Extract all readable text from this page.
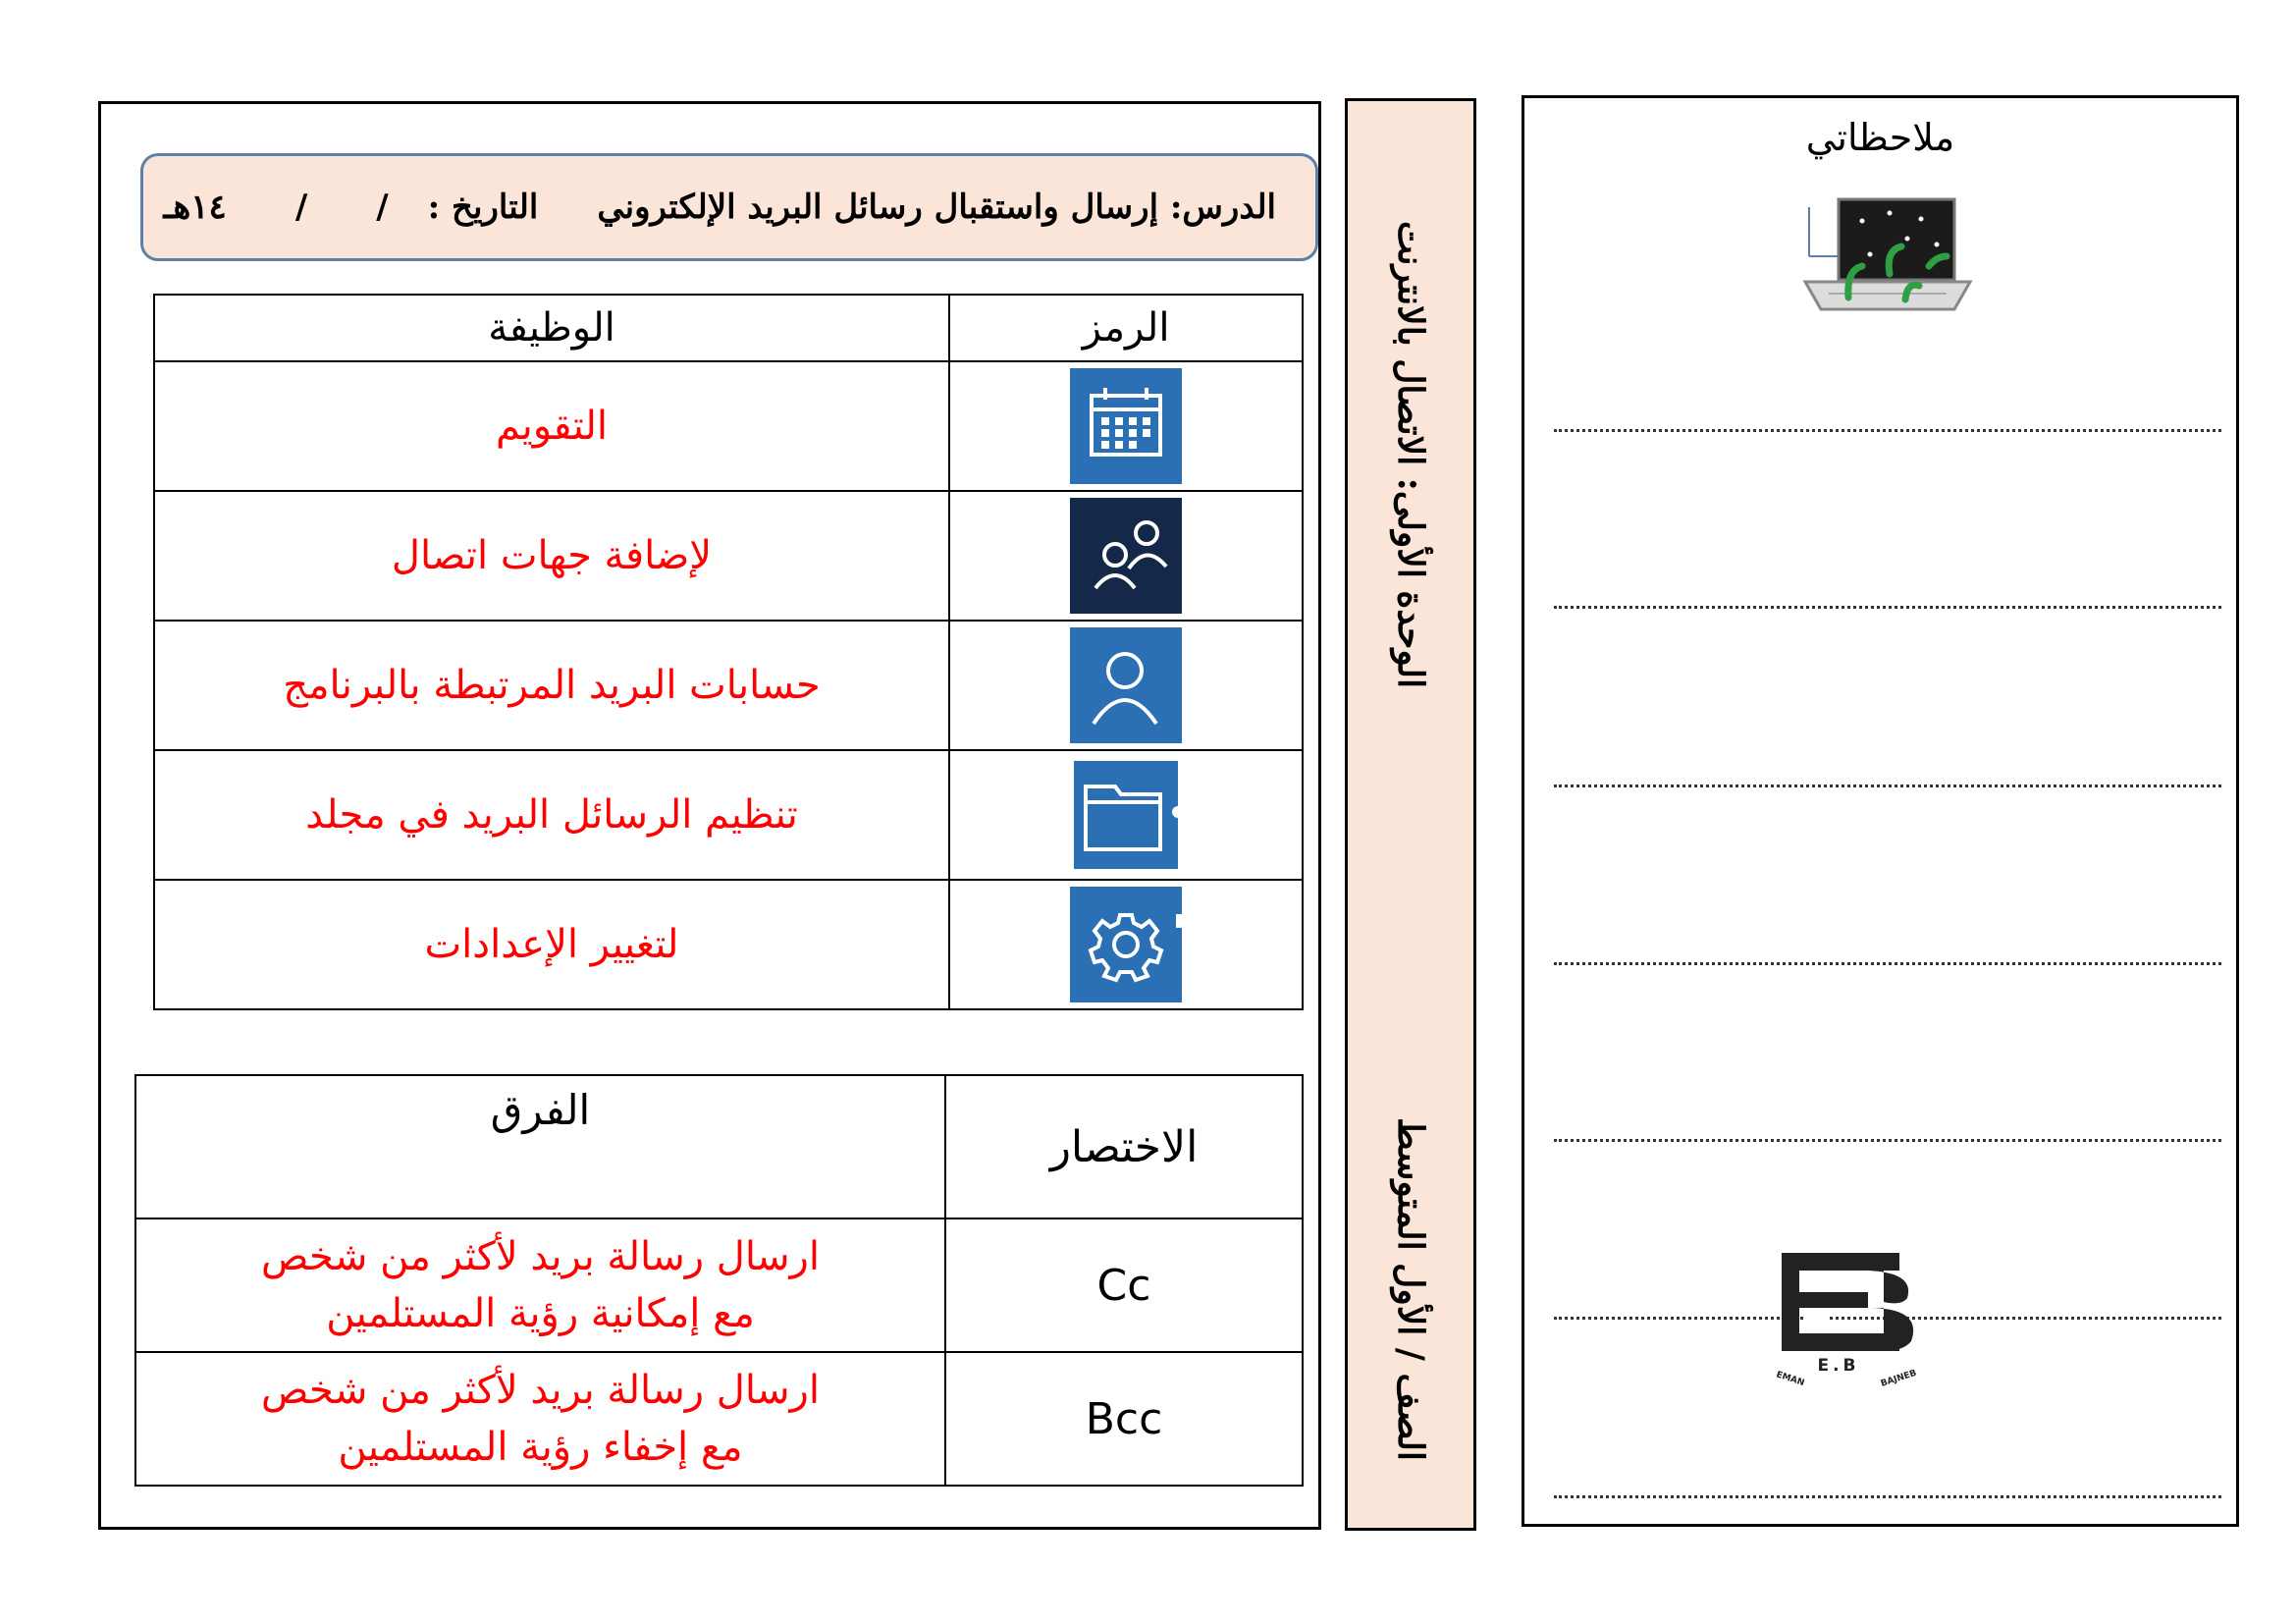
الدرس: إرسال واستقبال رسائل البريد الإلكتروني
التاريخ :
/
/
١٤هـ
الرمز	الوظيفة

	التقويم

	لإضافة جهات اتصال

	حسابات البريد المرتبطة بالبرنامج

	تنظيم الرسائل البريد في مجلد

	لتغيير الإعدادات
الاختصار	الفرق
Cc	ارسال رسالة بريد لأكثر من شخص
مع إمكانية رؤية المستلمين

Bcc	ارسال رسالة بريد لأكثر من شخص
مع إخفاء رؤية المستلمين
الوحدة الأولى: الاتصال بالانترنت
الصف / الأول المتوسط
ملاحظاتي
E.B
EMAN	BAJNEB
